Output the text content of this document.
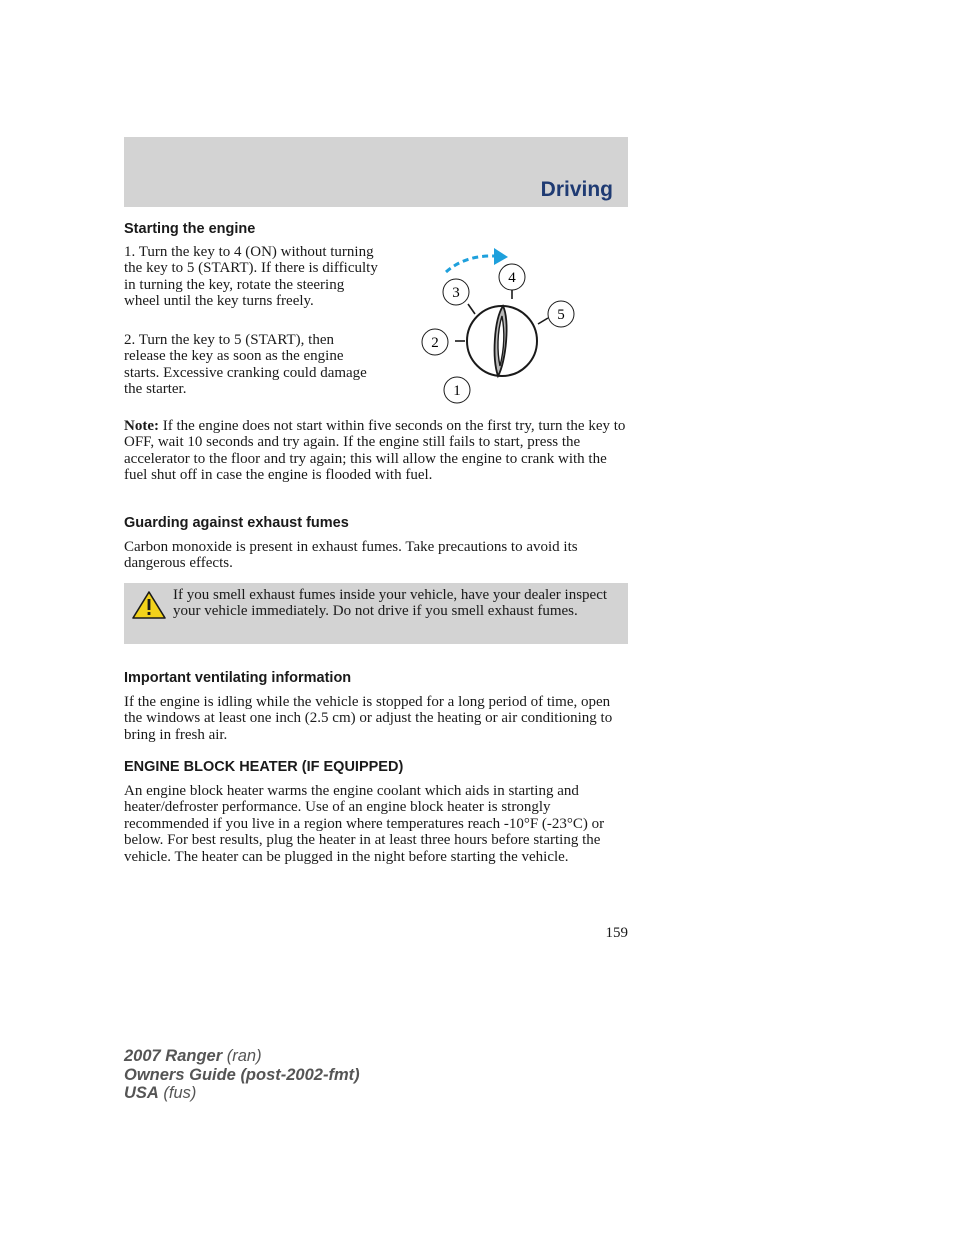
Driving
Starting the engine

1. Turn the key to 4 (ON) without turning the key to 5 (START). If there is difficulty in turning the key, rotate the steering wheel until the key turns freely.

2. Turn the key to 5 (START), then release the key as soon as the engine starts. Excessive cranking could damage the starter.	1
2
3
4
5

Note: If the engine does not start within five seconds on the first try, turn the key to OFF, wait 10 seconds and try again. If the engine still fails to start, press the accelerator to the floor and try again; this will allow the engine to crank with the fuel shut off in case the engine is flooded with fuel.

Guarding against exhaust fumes

Carbon monoxide is present in exhaust fumes. Take precautions to avoid its dangerous effects.

If you smell exhaust fumes inside your vehicle, have your dealer inspect your vehicle immediately. Do not drive if you smell exhaust fumes.

Important ventilating information

If the engine is idling while the vehicle is stopped for a long period of time, open the windows at least one inch (2.5 cm) or adjust the heating or air conditioning to bring in fresh air.

ENGINE BLOCK HEATER (IF EQUIPPED)

An engine block heater warms the engine coolant which aids in starting and heater/defroster performance. Use of an engine block heater is strongly recommended if you live in a region where temperatures reach -10°F (-23°C) or below. For best results, plug the heater in at least three hours before starting the vehicle. The heater can be plugged in the night before starting the vehicle.

159
2007 Ranger (ran)
Owners Guide (post-2002-fmt)
USA (fus)
